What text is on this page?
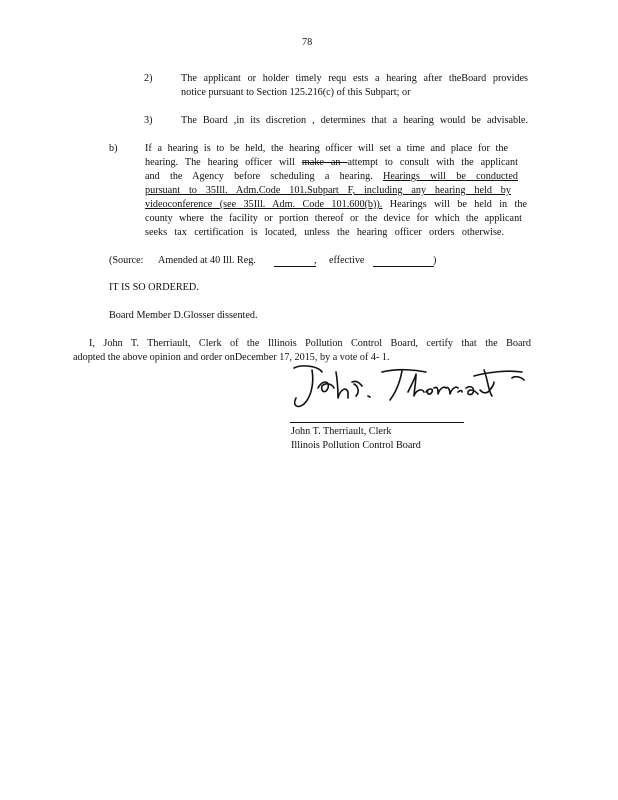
78
2)	The applicant or holder timely requ ests a hearing after theBoard provides
notice pursuant to Section 125.216(c) of this Subpart; or
3)	The Board ,in its discretion , determines that a hearing would be advisable.
b)	If a hearing is to be held, the hearing officer will set a time and place for the
hearing. The hearing officer will make an attempt to consult with the applicant
and the Agency before scheduling a hearing. Hearings will be conducted
pursuant to 35Ill. Adm.Code 101.Subpart F, including any hearing held by
videoconference (see 35Ill. Adm. Code 101.600(b)). Hearings will be held in the
county where the facility or portion thereof or the device for which the applicant
seeks tax certification is located, unless the hearing officer orders otherwise.
(Source: Amended at 40 Ill. Reg.	, effective	)
IT IS SO ORDERED.
Board Member D.Glosser dissented.
I, John T. Therriault, Clerk of the Illinois Pollution Control Board, certify that the Board
adopted the above opinion and order onDecember 17, 2015, by a vote of 4- 1.
John T. Therriault, Clerk
Illinois Pollution Control Board
